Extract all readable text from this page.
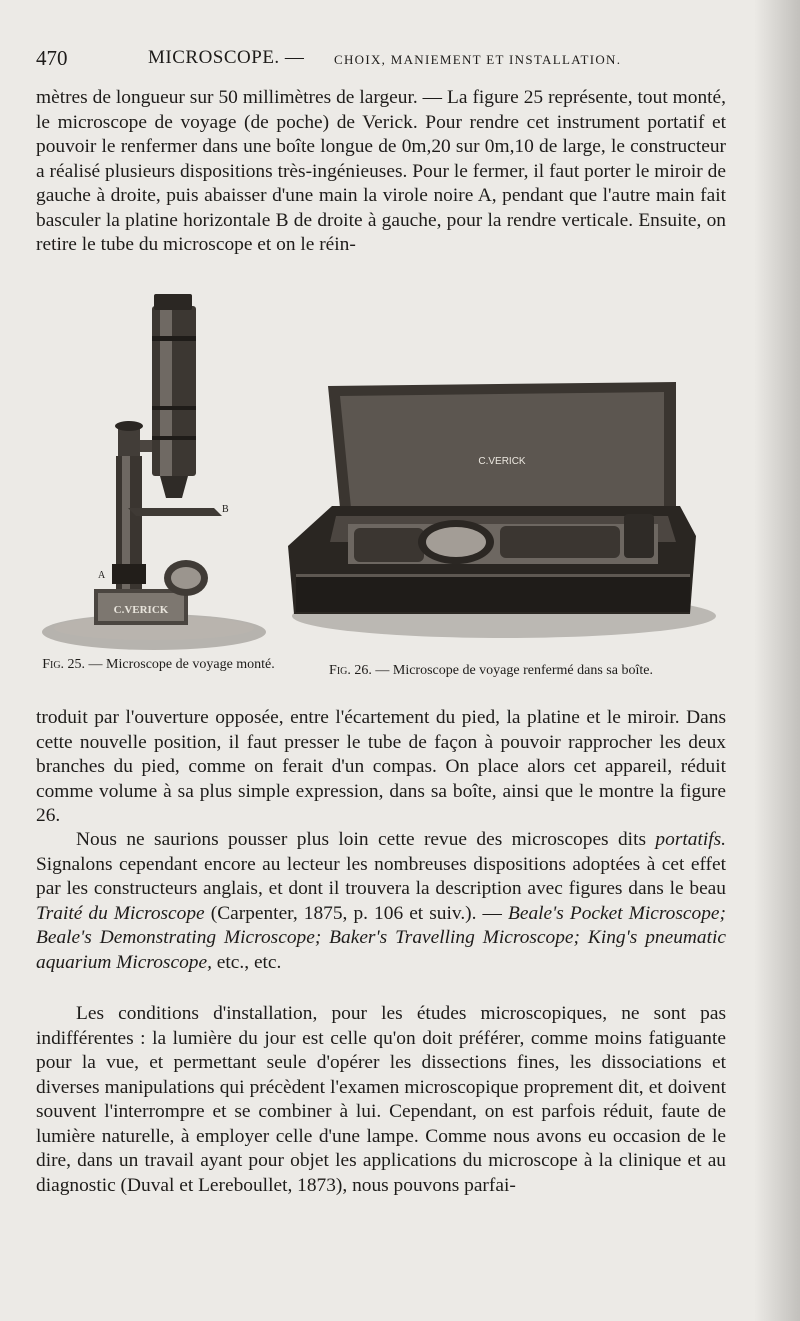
470	MICROSCOPE. — CHOIX, MANIEMENT ET INSTALLATION.

mètres de longueur sur 50 millimètres de largeur. — La figure 25 représente, tout monté, le microscope de voyage (de poche) de Verick. Pour rendre cet instrument portatif et pouvoir le renfermer dans une boîte longue de 0m,20 sur 0m,10 de large, le constructeur a réalisé plusieurs dispositions très-ingénieuses. Pour le fermer, il faut porter le miroir de gauche à droite, puis abaisser d'une main la virole noire A, pendant que l'autre main fait basculer la platine horizontale B de droite à gauche, pour la rendre verticale. Ensuite, on retire le tube du microscope et on le réin-

C.VERICK
B
A
C.VERICK
Fig. 25. — Microscope de voyage monté.	Fig. 26. — Microscope de voyage renfermé dans sa boîte.

troduit par l'ouverture opposée, entre l'écartement du pied, la platine et le miroir. Dans cette nouvelle position, il faut presser le tube de façon à pouvoir rapprocher les deux branches du pied, comme on ferait d'un compas. On place alors cet appareil, réduit comme volume à sa plus simple expression, dans sa boîte, ainsi que le montre la figure 26.

Nous ne saurions pousser plus loin cette revue des microscopes dits portatifs. Signalons cependant encore au lecteur les nombreuses dispositions adoptées à cet effet par les constructeurs anglais, et dont il trouvera la description avec figures dans le beau Traité du Microscope (Carpenter, 1875, p. 106 et suiv.). — Beale's Pocket Microscope; Beale's Demonstrating Microscope; Baker's Travelling Microscope; King's pneumatic aquarium Microscope, etc., etc.

Les conditions d'installation, pour les études microscopiques, ne sont pas indifférentes : la lumière du jour est celle qu'on doit préférer, comme moins fatiguante pour la vue, et permettant seule d'opérer les dissections fines, les dissociations et diverses manipulations qui précèdent l'examen microscopique proprement dit, et doivent souvent l'interrompre et se combiner à lui. Cependant, on est parfois réduit, faute de lumière naturelle, à employer celle d'une lampe. Comme nous avons eu occasion de le dire, dans un travail ayant pour objet les applications du microscope à la clinique et au diagnostic (Duval et Lereboullet, 1873), nous pouvons parfai-
